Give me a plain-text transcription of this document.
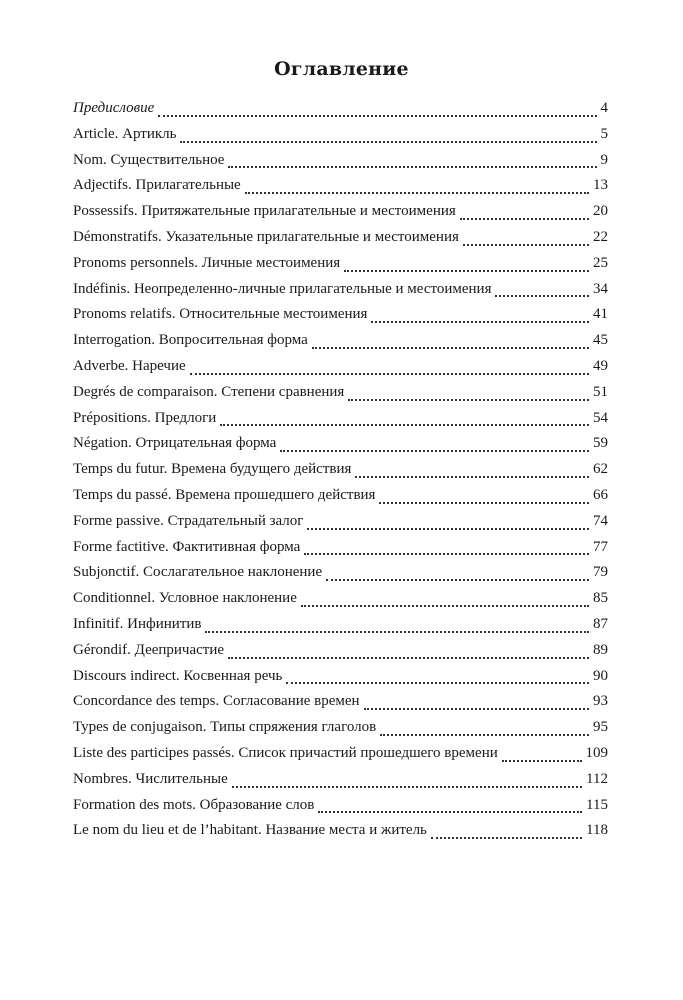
Оглавление
Предисловие	4
Article. Артикль	5
Nom. Существительное	9
Adjectifs. Прилагательные	13
Possessifs. Притяжательные прилагательные и местоимения	20
Démonstratifs. Указательные прилагательные и местоимения	22
Pronoms personnels. Личные местоимения	25
Indéfinis. Неопределенно-личные прилагательные и местоимения	34
Pronoms relatifs. Относительные местоимения	41
Interrogation. Вопросительная форма	45
Adverbe. Наречие	49
Degrés de comparaison. Степени сравнения	51
Prépositions. Предлоги	54
Négation. Отрицательная форма	59
Temps du futur. Времена будущего действия	62
Temps du passé. Времена прошедшего действия	66
Forme passive. Страдательный залог	74
Forme factitive. Фактитивная форма	77
Subjonctif. Сослагательное наклонение	79
Conditionnel. Условное наклонение	85
Infinitif. Инфинитив	87
Gérondif. Деепричастие	89
Discours indirect. Косвенная речь	90
Concordance des temps. Согласование времен	93
Types de conjugaison. Типы спряжения глаголов	95
Liste des participes passés. Список причастий прошедшего времени	109
Nombres. Числительные	112
Formation des mots. Образование слов	115
Le nom du lieu et de l’habitant. Название места и житель	118
